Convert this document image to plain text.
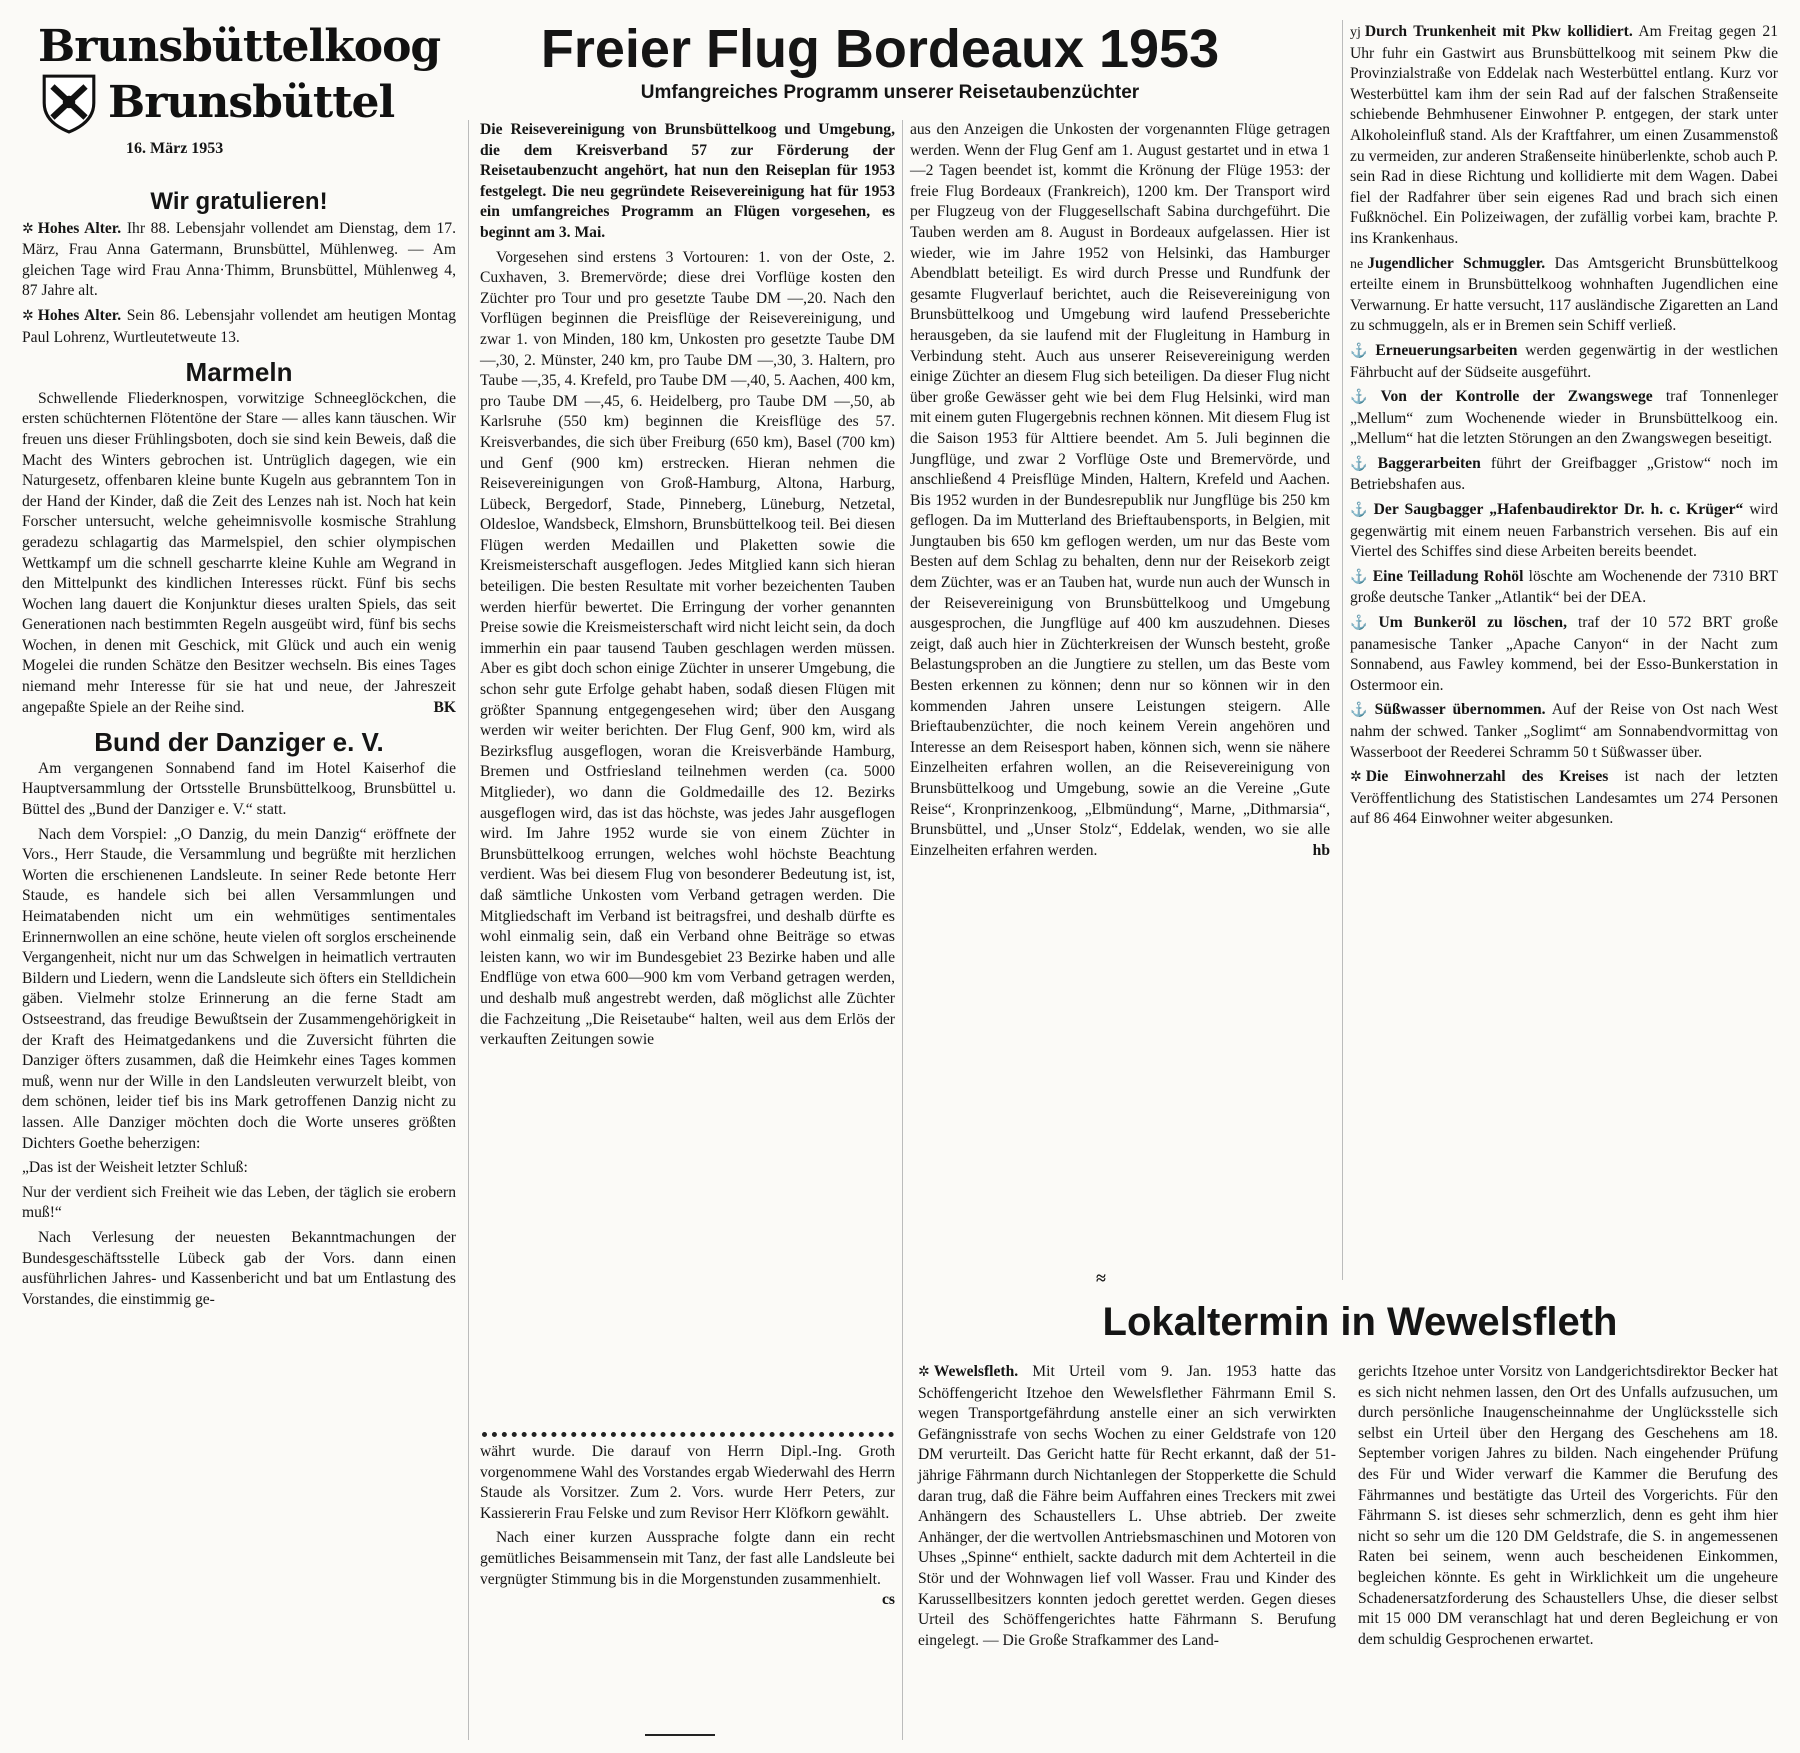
Brunsbüttelkoog
Brunsbüttel
16. März 1953
Freier Flug Bordeaux 1953
Umfangreiches Programm unserer Reisetaubenzüchter
Wir gratulieren!

✲ Hohes Alter. Ihr 88. Lebensjahr vollendet am Dienstag, dem 17. März, Frau Anna Gatermann, Brunsbüttel, Mühlenweg. — Am gleichen Tage wird Frau Anna·Thimm, Brunsbüttel, Mühlenweg 4, 87 Jahre alt.

✲ Hohes Alter. Sein 86. Lebensjahr vollendet am heutigen Montag Paul Lohrenz, Wurtleutetweute 13.

Marmeln

Schwellende Fliederknospen, vorwitzige Schneeglöckchen, die ersten schüchternen Flötentöne der Stare — alles kann täuschen. Wir freuen uns dieser Frühlingsboten, doch sie sind kein Beweis, daß die Macht des Winters gebrochen ist. Untrüglich dagegen, wie ein Naturgesetz, offenbaren kleine bunte Kugeln aus gebranntem Ton in der Hand der Kinder, daß die Zeit des Lenzes nah ist. Noch hat kein Forscher untersucht, welche geheimnisvolle kosmische Strahlung geradezu schlagartig das Marmelspiel, den schier olympischen Wettkampf um die schnell gescharrte kleine Kuhle am Wegrand in den Mittelpunkt des kindlichen Interesses rückt. Fünf bis sechs Wochen lang dauert die Konjunktur dieses uralten Spiels, das seit Generationen nach bestimmten Regeln ausgeübt wird, fünf bis sechs Wochen, in denen mit Geschick, mit Glück und auch ein wenig Mogelei die runden Schätze den Besitzer wechseln. Bis eines Tages niemand mehr Interesse für sie hat und neue, der Jahreszeit angepaßte Spiele an der Reihe sind.	BK

Bund der Danziger e. V.

Am vergangenen Sonnabend fand im Hotel Kaiserhof die Hauptversammlung der Ortsstelle Brunsbüttelkoog, Brunsbüttel u. Büttel des „Bund der Danziger e. V.“ statt.

Nach dem Vorspiel: „O Danzig, du mein Danzig“ eröffnete der Vors., Herr Staude, die Versammlung und begrüßte mit herzlichen Worten die erschienenen Landsleute. In seiner Rede betonte Herr Staude, es handele sich bei allen Versammlungen und Heimatabenden nicht um ein wehmütiges sentimentales Erinnernwollen an eine schöne, heute vielen oft sorglos erscheinende Vergangenheit, nicht nur um das Schwelgen in heimatlich vertrauten Bildern und Liedern, wenn die Landsleute sich öfters ein Stelldichein gäben. Vielmehr stolze Erinnerung an die ferne Stadt am Ostseestrand, das freudige Bewußtsein der Zusammengehörigkeit in der Kraft des Heimatgedankens und die Zuversicht führten die Danziger öfters zusammen, daß die Heimkehr eines Tages kommen muß, wenn nur der Wille in den Landsleuten verwurzelt bleibt, von dem schönen, leider tief bis ins Mark getroffenen Danzig nicht zu lassen. Alle Danziger möchten doch die Worte unseres größten Dichters Goethe beherzigen:

„Das ist der Weisheit letzter Schluß:

Nur der verdient sich Freiheit wie das Leben, der täglich sie erobern muß!“

Nach Verlesung der neuesten Bekanntmachungen der Bundesgeschäftsstelle Lübeck gab der Vors. dann einen ausführlichen Jahres- und Kassenbericht und bat um Entlastung des Vorstandes, die einstimmig ge-

Die Reisevereinigung von Brunsbüttelkoog und Umgebung, die dem Kreisverband 57 zur Förderung der Reisetaubenzucht angehört, hat nun den Reiseplan für 1953 festgelegt. Die neu gegründete Reisevereinigung hat für 1953 ein umfangreiches Programm an Flügen vorgesehen, es beginnt am 3. Mai.

Vorgesehen sind erstens 3 Vortouren: 1. von der Oste, 2. Cuxhaven, 3. Bremervörde; diese drei Vorflüge kosten den Züchter pro Tour und pro gesetzte Taube DM —,20. Nach den Vorflügen beginnen die Preisflüge der Reisevereinigung, und zwar 1. von Minden, 180 km, Unkosten pro gesetzte Taube DM —,30, 2. Münster, 240 km, pro Taube DM —,30, 3. Haltern, pro Taube —,35, 4. Krefeld, pro Taube DM —,40, 5. Aachen, 400 km, pro Taube DM —,45, 6. Heidelberg, pro Taube DM —,50, ab Karlsruhe (550 km) beginnen die Kreisflüge des 57. Kreisverbandes, die sich über Freiburg (650 km), Basel (700 km) und Genf (900 km) erstrecken. Hieran nehmen die Reisevereinigungen von Groß-Hamburg, Altona, Harburg, Lübeck, Bergedorf, Stade, Pinneberg, Lüneburg, Netzetal, Oldesloe, Wandsbeck, Elmshorn, Brunsbüttelkoog teil. Bei diesen Flügen werden Medaillen und Plaketten sowie die Kreismeisterschaft ausgeflogen. Jedes Mitglied kann sich hieran beteiligen. Die besten Resultate mit vorher bezeichenten Tauben werden hierfür bewertet. Die Erringung der vorher genannten Preise sowie die Kreismeisterschaft wird nicht leicht sein, da doch immerhin ein paar tausend Tauben geschlagen werden müssen. Aber es gibt doch schon einige Züchter in unserer Umgebung, die schon sehr gute Erfolge gehabt haben, sodaß diesen Flügen mit größter Spannung entgegengesehen wird; über den Ausgang werden wir weiter berichten. Der Flug Genf, 900 km, wird als Bezirksflug ausgeflogen, woran die Kreisverbände Hamburg, Bremen und Ostfriesland teilnehmen werden (ca. 5000 Mitglieder), wo dann die Goldmedaille des 12. Bezirks ausgeflogen wird, das ist das höchste, was jedes Jahr ausgeflogen wird. Im Jahre 1952 wurde sie von einem Züchter in Brunsbüttelkoog errungen, welches wohl höchste Beachtung verdient. Was bei diesem Flug von besonderer Bedeutung ist, ist, daß sämtliche Unkosten vom Verband getragen werden. Die Mitgliedschaft im Verband ist beitragsfrei, und deshalb dürfte es wohl einmalig sein, daß ein Verband ohne Beiträge so etwas leisten kann, wo wir im Bundesgebiet 23 Bezirke haben und alle Endflüge von etwa 600—900 km vom Verband getragen werden, und deshalb muß angestrebt werden, daß möglichst alle Züchter die Fachzeitung „Die Reisetaube“ halten, weil aus dem Erlös der verkauften Zeitungen sowie

währt wurde. Die darauf von Herrn Dipl.-Ing. Groth vorgenommene Wahl des Vorstandes ergab Wiederwahl des Herrn Staude als Vorsitzer. Zum 2. Vors. wurde Herr Peters, zur Kassiererin Frau Felske und zum Revisor Herr Klöfkorn gewählt.

Nach einer kurzen Aussprache folgte dann ein recht gemütliches Beisammensein mit Tanz, der fast alle Landsleute bei vergnügter Stimmung bis in die Morgenstunden zusammenhielt.
cs

aus den Anzeigen die Unkosten der vorgenannten Flüge getragen werden. Wenn der Flug Genf am 1. August gestartet und in etwa 1—2 Tagen beendet ist, kommt die Krönung der Flüge 1953: der freie Flug Bordeaux (Frankreich), 1200 km. Der Transport wird per Flugzeug von der Fluggesellschaft Sabina durchgeführt. Die Tauben werden am 8. August in Bordeaux aufgelassen. Hier ist wieder, wie im Jahre 1952 von Helsinki, das Hamburger Abendblatt beteiligt. Es wird durch Presse und Rundfunk der gesamte Flugverlauf berichtet, auch die Reisevereinigung von Brunsbüttelkoog und Umgebung wird laufend Presseberichte herausgeben, da sie laufend mit der Flugleitung in Hamburg in Verbindung steht. Auch aus unserer Reisevereinigung werden einige Züchter an diesem Flug sich beteiligen. Da dieser Flug nicht über große Gewässer geht wie bei dem Flug Helsinki, wird man mit einem guten Flugergebnis rechnen können. Mit diesem Flug ist die Saison 1953 für Alttiere beendet. Am 5. Juli beginnen die Jungflüge, und zwar 2 Vorflüge Oste und Bremervörde, und anschließend 4 Preisflüge Minden, Haltern, Krefeld und Aachen. Bis 1952 wurden in der Bundesrepublik nur Jungflüge bis 250 km geflogen. Da im Mutterland des Brieftaubensports, in Belgien, mit Jungtauben bis 650 km geflogen werden, um nur das Beste vom Besten auf dem Schlag zu behalten, denn nur der Reisekorb zeigt dem Züchter, was er an Tauben hat, wurde nun auch der Wunsch in der Reisevereinigung von Brunsbüttelkoog und Umgebung ausgesprochen, die Jungflüge auf 400 km auszudehnen. Dieses zeigt, daß auch hier in Züchterkreisen der Wunsch besteht, große Belastungsproben an die Jungtiere zu stellen, um das Beste vom Besten erkennen zu können; denn nur so können wir in den kommenden Jahren unsere Leistungen steigern. Alle Brieftaubenzüchter, die noch keinem Verein angehören und Interesse an dem Reisesport haben, können sich, wenn sie nähere Einzelheiten erfahren wollen, an die Reisevereinigung von Brunsbüttelkoog und Umgebung, sowie an die Vereine „Gute Reise“, Kronprinzenkoog, „Elbmündung“, Marne, „Dithmarsia“, Brunsbüttel, und „Unser Stolz“, Eddelak, wenden, wo sie alle Einzelheiten erfahren werden.	hb

≈

yj Durch Trunkenheit mit Pkw kollidiert. Am Freitag gegen 21 Uhr fuhr ein Gastwirt aus Brunsbüttelkoog mit seinem Pkw die Provinzialstraße von Eddelak nach Westerbüttel entlang. Kurz vor Westerbüttel kam ihm der sein Rad auf der falschen Straßenseite schiebende Behmhusener Einwohner P. entgegen, der stark unter Alkoholeinfluß stand. Als der Kraftfahrer, um einen Zusammenstoß zu vermeiden, zur anderen Straßenseite hinüberlenkte, schob auch P. sein Rad in diese Richtung und kollidierte mit dem Wagen. Dabei fiel der Radfahrer über sein eigenes Rad und brach sich einen Fußknöchel. Ein Polizeiwagen, der zufällig vorbei kam, brachte P. ins Krankenhaus.

ne Jugendlicher Schmuggler. Das Amtsgericht Brunsbüttelkoog erteilte einem in Brunsbüttelkoog wohnhaften Jugendlichen eine Verwarnung. Er hatte versucht, 117 ausländische Zigaretten an Land zu schmuggeln, als er in Bremen sein Schiff verließ.

⚓ Erneuerungsarbeiten werden gegenwärtig in der westlichen Fährbucht auf der Südseite ausgeführt.

⚓ Von der Kontrolle der Zwangswege traf Tonnenleger „Mellum“ zum Wochenende wieder in Brunsbüttelkoog ein. „Mellum“ hat die letzten Störungen an den Zwangswegen beseitigt.

⚓ Baggerarbeiten führt der Greifbagger „Gristow“ noch im Betriebshafen aus.

⚓ Der Saugbagger „Hafenbaudirektor Dr. h. c. Krüger“ wird gegenwärtig mit einem neuen Farbanstrich versehen. Bis auf ein Viertel des Schiffes sind diese Arbeiten bereits beendet.

⚓ Eine Teilladung Rohöl löschte am Wochenende der 7310 BRT große deutsche Tanker „Atlantik“ bei der DEA.

⚓ Um Bunkeröl zu löschen, traf der 10 572 BRT große panamesische Tanker „Apache Canyon“ in der Nacht zum Sonnabend, aus Fawley kommend, bei der Esso-Bunkerstation in Ostermoor ein.

⚓ Süßwasser übernommen. Auf der Reise von Ost nach West nahm der schwed. Tanker „Soglimt“ am Sonnabendvormittag von Wasserboot der Reederei Schramm 50 t Süßwasser über.

✲ Die Einwohnerzahl des Kreises ist nach der letzten Veröffentlichung des Statistischen Landesamtes um 274 Personen auf 86 464 Einwohner weiter abgesunken.

Lokaltermin in Wewelsfleth

✲ Wewelsfleth. Mit Urteil vom 9. Jan. 1953 hatte das Schöffengericht Itzehoe den Wewelsflether Fährmann Emil S. wegen Transportgefährdung anstelle einer an sich verwirkten Gefängnisstrafe von sechs Wochen zu einer Geldstrafe von 120 DM verurteilt. Das Gericht hatte für Recht erkannt, daß der 51-jährige Fährmann durch Nichtanlegen der Stopperkette die Schuld daran trug, daß die Fähre beim Auffahren eines Treckers mit zwei Anhängern des Schaustellers L. Uhse abtrieb. Der zweite Anhänger, der die wertvollen Antriebsmaschinen und Motoren von Uhses „Spinne“ enthielt, sackte dadurch mit dem Achterteil in die Stör und der Wohnwagen lief voll Wasser. Frau und Kinder des Karussellbesitzers konnten jedoch gerettet werden. Gegen dieses Urteil des Schöffengerichtes hatte Fährmann S. Berufung eingelegt. — Die Große Strafkammer des Land-

gerichts Itzehoe unter Vorsitz von Landgerichtsdirektor Becker hat es sich nicht nehmen lassen, den Ort des Unfalls aufzusuchen, um durch persönliche Inaugenscheinnahme der Unglücksstelle sich selbst ein Urteil über den Hergang des Geschehens am 18. September vorigen Jahres zu bilden. Nach eingehender Prüfung des Für und Wider verwarf die Kammer die Berufung des Fährmannes und bestätigte das Urteil des Vorgerichts. Für den Fährmann S. ist dieses sehr schmerzlich, denn es geht ihm hier nicht so sehr um die 120 DM Geldstrafe, die S. in angemessenen Raten bei seinem, wenn auch bescheidenen Einkommen, begleichen könnte. Es geht in Wirklichkeit um die ungeheure Schadenersatzforderung des Schaustellers Uhse, die dieser selbst mit 15 000 DM veranschlagt hat und deren Begleichung er von dem schuldig Gesprochenen erwartet.
